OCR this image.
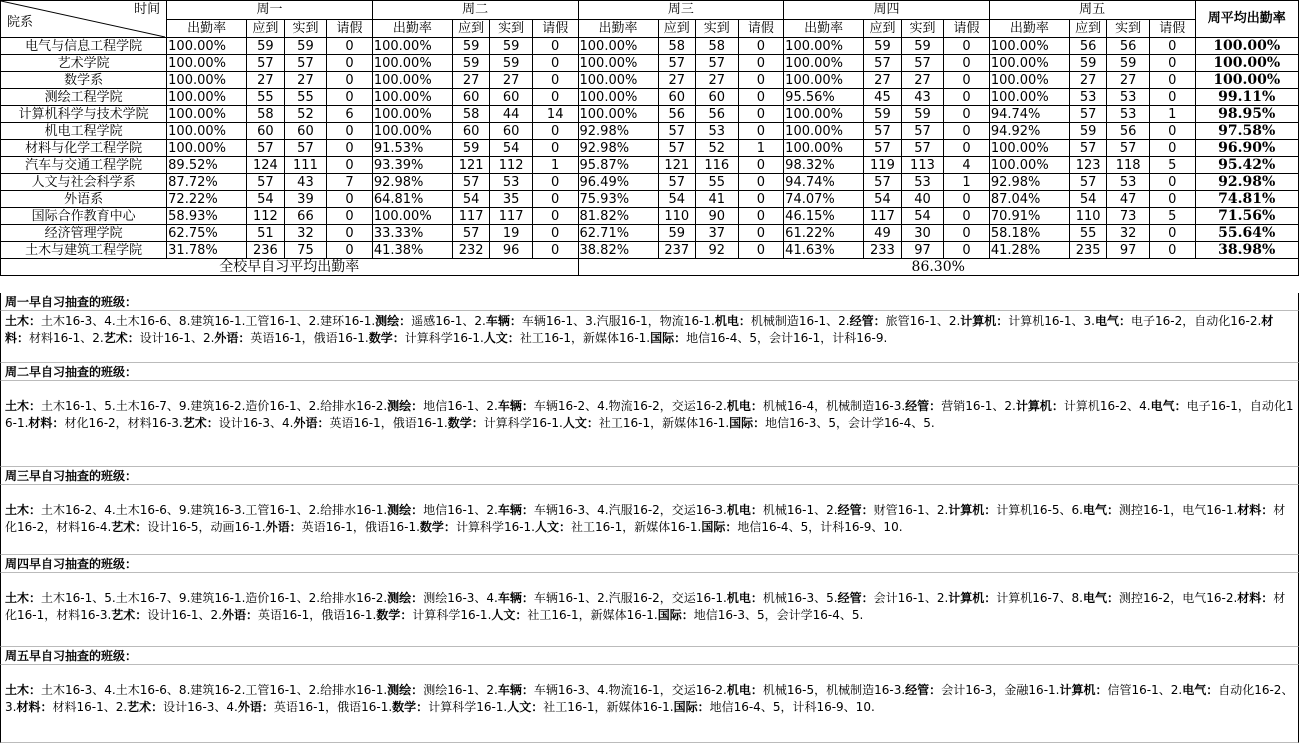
院系
时间	周一				周二				周三				周四				周五				周平均出勤率
	出勤率	应到	实到	请假	出勤率	应到	实到	请假	出勤率	应到	实到	请假	出勤率	应到	实到	请假	出勤率	应到	实到	请假	
电气与信息工程学院	100.00%	59	59	0	100.00%	59	59	0	100.00%	58	58	0	100.00%	59	59	0	100.00%	56	56	0	100.00%
艺术学院	100.00%	57	57	0	100.00%	59	59	0	100.00%	57	57	0	100.00%	57	57	0	100.00%	59	59	0	100.00%
数学系	100.00%	27	27	0	100.00%	27	27	0	100.00%	27	27	0	100.00%	27	27	0	100.00%	27	27	0	100.00%
测绘工程学院	100.00%	55	55	0	100.00%	60	60	0	100.00%	60	60	0	95.56%	45	43	0	100.00%	53	53	0	99.11%
计算机科学与技术学院	100.00%	58	52	6	100.00%	58	44	14	100.00%	56	56	0	100.00%	59	59	0	94.74%	57	53	1	98.95%
机电工程学院	100.00%	60	60	0	100.00%	60	60	0	92.98%	57	53	0	100.00%	57	57	0	94.92%	59	56	0	97.58%
材料与化学工程学院	100.00%	57	57	0	91.53%	59	54	0	92.98%	57	52	1	100.00%	57	57	0	100.00%	57	57	0	96.90%
汽车与交通工程学院	89.52%	124	111	0	93.39%	121	112	1	95.87%	121	116	0	98.32%	119	113	4	100.00%	123	118	5	95.42%
人文与社会科学系	87.72%	57	43	7	92.98%	57	53	0	96.49%	57	55	0	94.74%	57	53	1	92.98%	57	53	0	92.98%
外语系	72.22%	54	39	0	64.81%	54	35	0	75.93%	54	41	0	74.07%	54	40	0	87.04%	54	47	0	74.81%
国际合作教育中心	58.93%	112	66	0	100.00%	117	117	0	81.82%	110	90	0	46.15%	117	54	0	70.91%	110	73	5	71.56%
经济管理学院	62.75%	51	32	0	33.33%	57	19	0	62.71%	59	37	0	61.22%	49	30	0	58.18%	55	32	0	55.64%
土木与建筑工程学院	31.78%	236	75	0	41.38%	232	96	0	38.82%	237	92	0	41.63%	233	97	0	41.28%	235	97	0	38.98%
全校早自习平均出勤率									86.30%												
周一早自习抽查的班级：
土木：土木16-3、4.土木16-6、8.建筑16-1.工管16-1、2.建环16-1.测绘：遥感16-1、2.车辆：车辆16-1、3.汽服16-1，物流16-1.机电：机械制造16-1、2.经管：旅管16-1、2.计算机：计算机16-1、3.电气：电子16-2，自动化16-2.材料：材料16-1、2.艺术：设计16-1、2.外语：英语16-1，俄语16-1.数学：计算科学16-1.人文：社工16-1，新媒体16-1.国际：地信16-4、5，会计16-1，计科16-9.
周二早自习抽查的班级：
土木：土木16-1、5.土木16-7、9.建筑16-2.造价16-1、2.给排水16-2.测绘：地信16-1、2.车辆：车辆16-2、4.物流16-2，交运16-2.机电：机械16-4，机械制造16-3.经管：营销16-1、2.计算机：计算机16-2、4.电气：电子16-1，自动化16-1.材料：材化16-2，材料16-3.艺术：设计16-3、4.外语：英语16-1，俄语16-1.数学：计算科学16-1.人文：社工16-1，新媒体16-1.国际：地信16-3、5，会计学16-4、5.
周三早自习抽查的班级：
土木：土木16-2、4.土木16-6、9.建筑16-3.工管16-1、2.给排水16-1.测绘：地信16-1、2.车辆：车辆16-3、4.汽服16-2，交运16-3.机电：机械16-1、2.经管：财管16-1、2.计算机：计算机16-5、6.电气：测控16-1，电气16-1.材料：材化16-2，材料16-4.艺术：设计16-5，动画16-1.外语：英语16-1，俄语16-1.数学：计算科学16-1.人文：社工16-1，新媒体16-1.国际：地信16-4、5，计科16-9、10.
周四早自习抽查的班级：
土木：土木16-1、5.土木16-7、9.建筑16-1.造价16-1、2.给排水16-2.测绘：测绘16-3、4.车辆：车辆16-1、2.汽服16-2，交运16-1.机电：机械16-3、5.经管：会计16-1、2.计算机：计算机16-7、8.电气：测控16-2，电气16-2.材料：材化16-1，材料16-3.艺术：设计16-1、2.外语：英语16-1，俄语16-1.数学：计算科学16-1.人文：社工16-1，新媒体16-1.国际：地信16-3、5，会计学16-4、5.
周五早自习抽查的班级：
土木：土木16-3、4.土木16-6、8.建筑16-2.工管16-1、2.给排水16-1.测绘：测绘16-1、2.车辆：车辆16-3、4.物流16-1，交运16-2.机电：机械16-5，机械制造16-3.经管：会计16-3，金融16-1.计算机：信管16-1、2.电气：自动化16-2、3.材料：材料16-1、2.艺术：设计16-3、4.外语：英语16-1，俄语16-1.数学：计算科学16-1.人文：社工16-1，新媒体16-1.国际：地信16-4、5，计科16-9、10.
